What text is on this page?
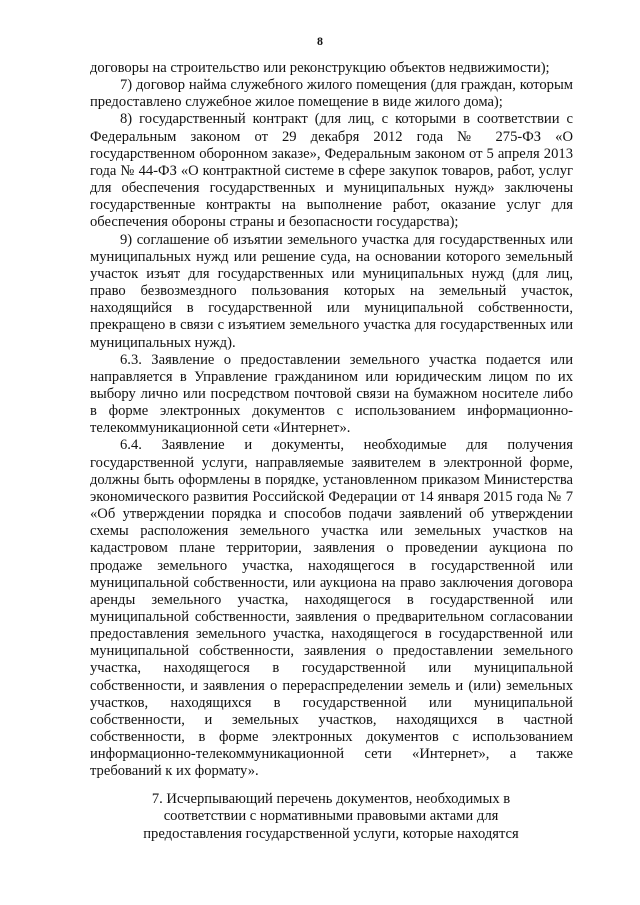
8

договоры на строительство или реконструкцию объектов недвижимости);

7) договор найма служебного жилого помещения (для граждан, которым предоставлено служебное жилое помещение в виде жилого дома);

8) государственный контракт (для лиц, с которыми в соответствии с Федеральным законом от 29 декабря 2012 года № 275-ФЗ «О государственном оборонном заказе», Федеральным законом от 5 апреля 2013 года № 44-ФЗ «О контрактной системе в сфере закупок товаров, работ, услуг для обеспечения государственных и муниципальных нужд» заключены государственные контракты на выполнение работ, оказание услуг для обеспечения обороны страны и безопасности государства);

9) соглашение об изъятии земельного участка для государственных или муниципальных нужд или решение суда, на основании которого земельный участок изъят для государственных или муниципальных нужд (для лиц, право безвозмездного пользования которых на земельный участок, находящийся в государственной или муниципальной собственности, прекращено в связи с изъятием земельного участка для государственных или муниципальных нужд).

6.3. Заявление о предоставлении земельного участка подается или направляется в Управление гражданином или юридическим лицом по их выбору лично или посредством почтовой связи на бумажном носителе либо в форме электронных документов с использованием информационно-телекоммуникационной сети «Интернет».

6.4. Заявление и документы, необходимые для получения государственной услуги, направляемые заявителем в электронной форме, должны быть оформлены в порядке, установленном приказом Министерства экономического развития Российской Федерации от 14 января 2015 года № 7 «Об утверждении порядка и способов подачи заявлений об утверждении схемы расположения земельного участка или земельных участков на кадастровом плане территории, заявления о проведении аукциона по продаже земельного участка, находящегося в государственной или муниципальной собственности, или аукциона на право заключения договора аренды земельного участка, находящегося в государственной или муниципальной собственности, заявления о предварительном согласовании предоставления земельного участка, находящегося в государственной или муниципальной собственности, заявления о предоставлении земельного участка, находящегося в государственной или муниципальной собственности, и заявления о перераспределении земель и (или) земельных участков, находящихся в государственной или муниципальной собственности, и земельных участков, находящихся в частной собственности, в форме электронных документов с использованием информационно-телекоммуникационной сети «Интернет», а также требований к их формату».

7. Исчерпывающий перечень документов, необходимых в

соответствии с нормативными правовыми актами для

предоставления государственной услуги, которые находятся
